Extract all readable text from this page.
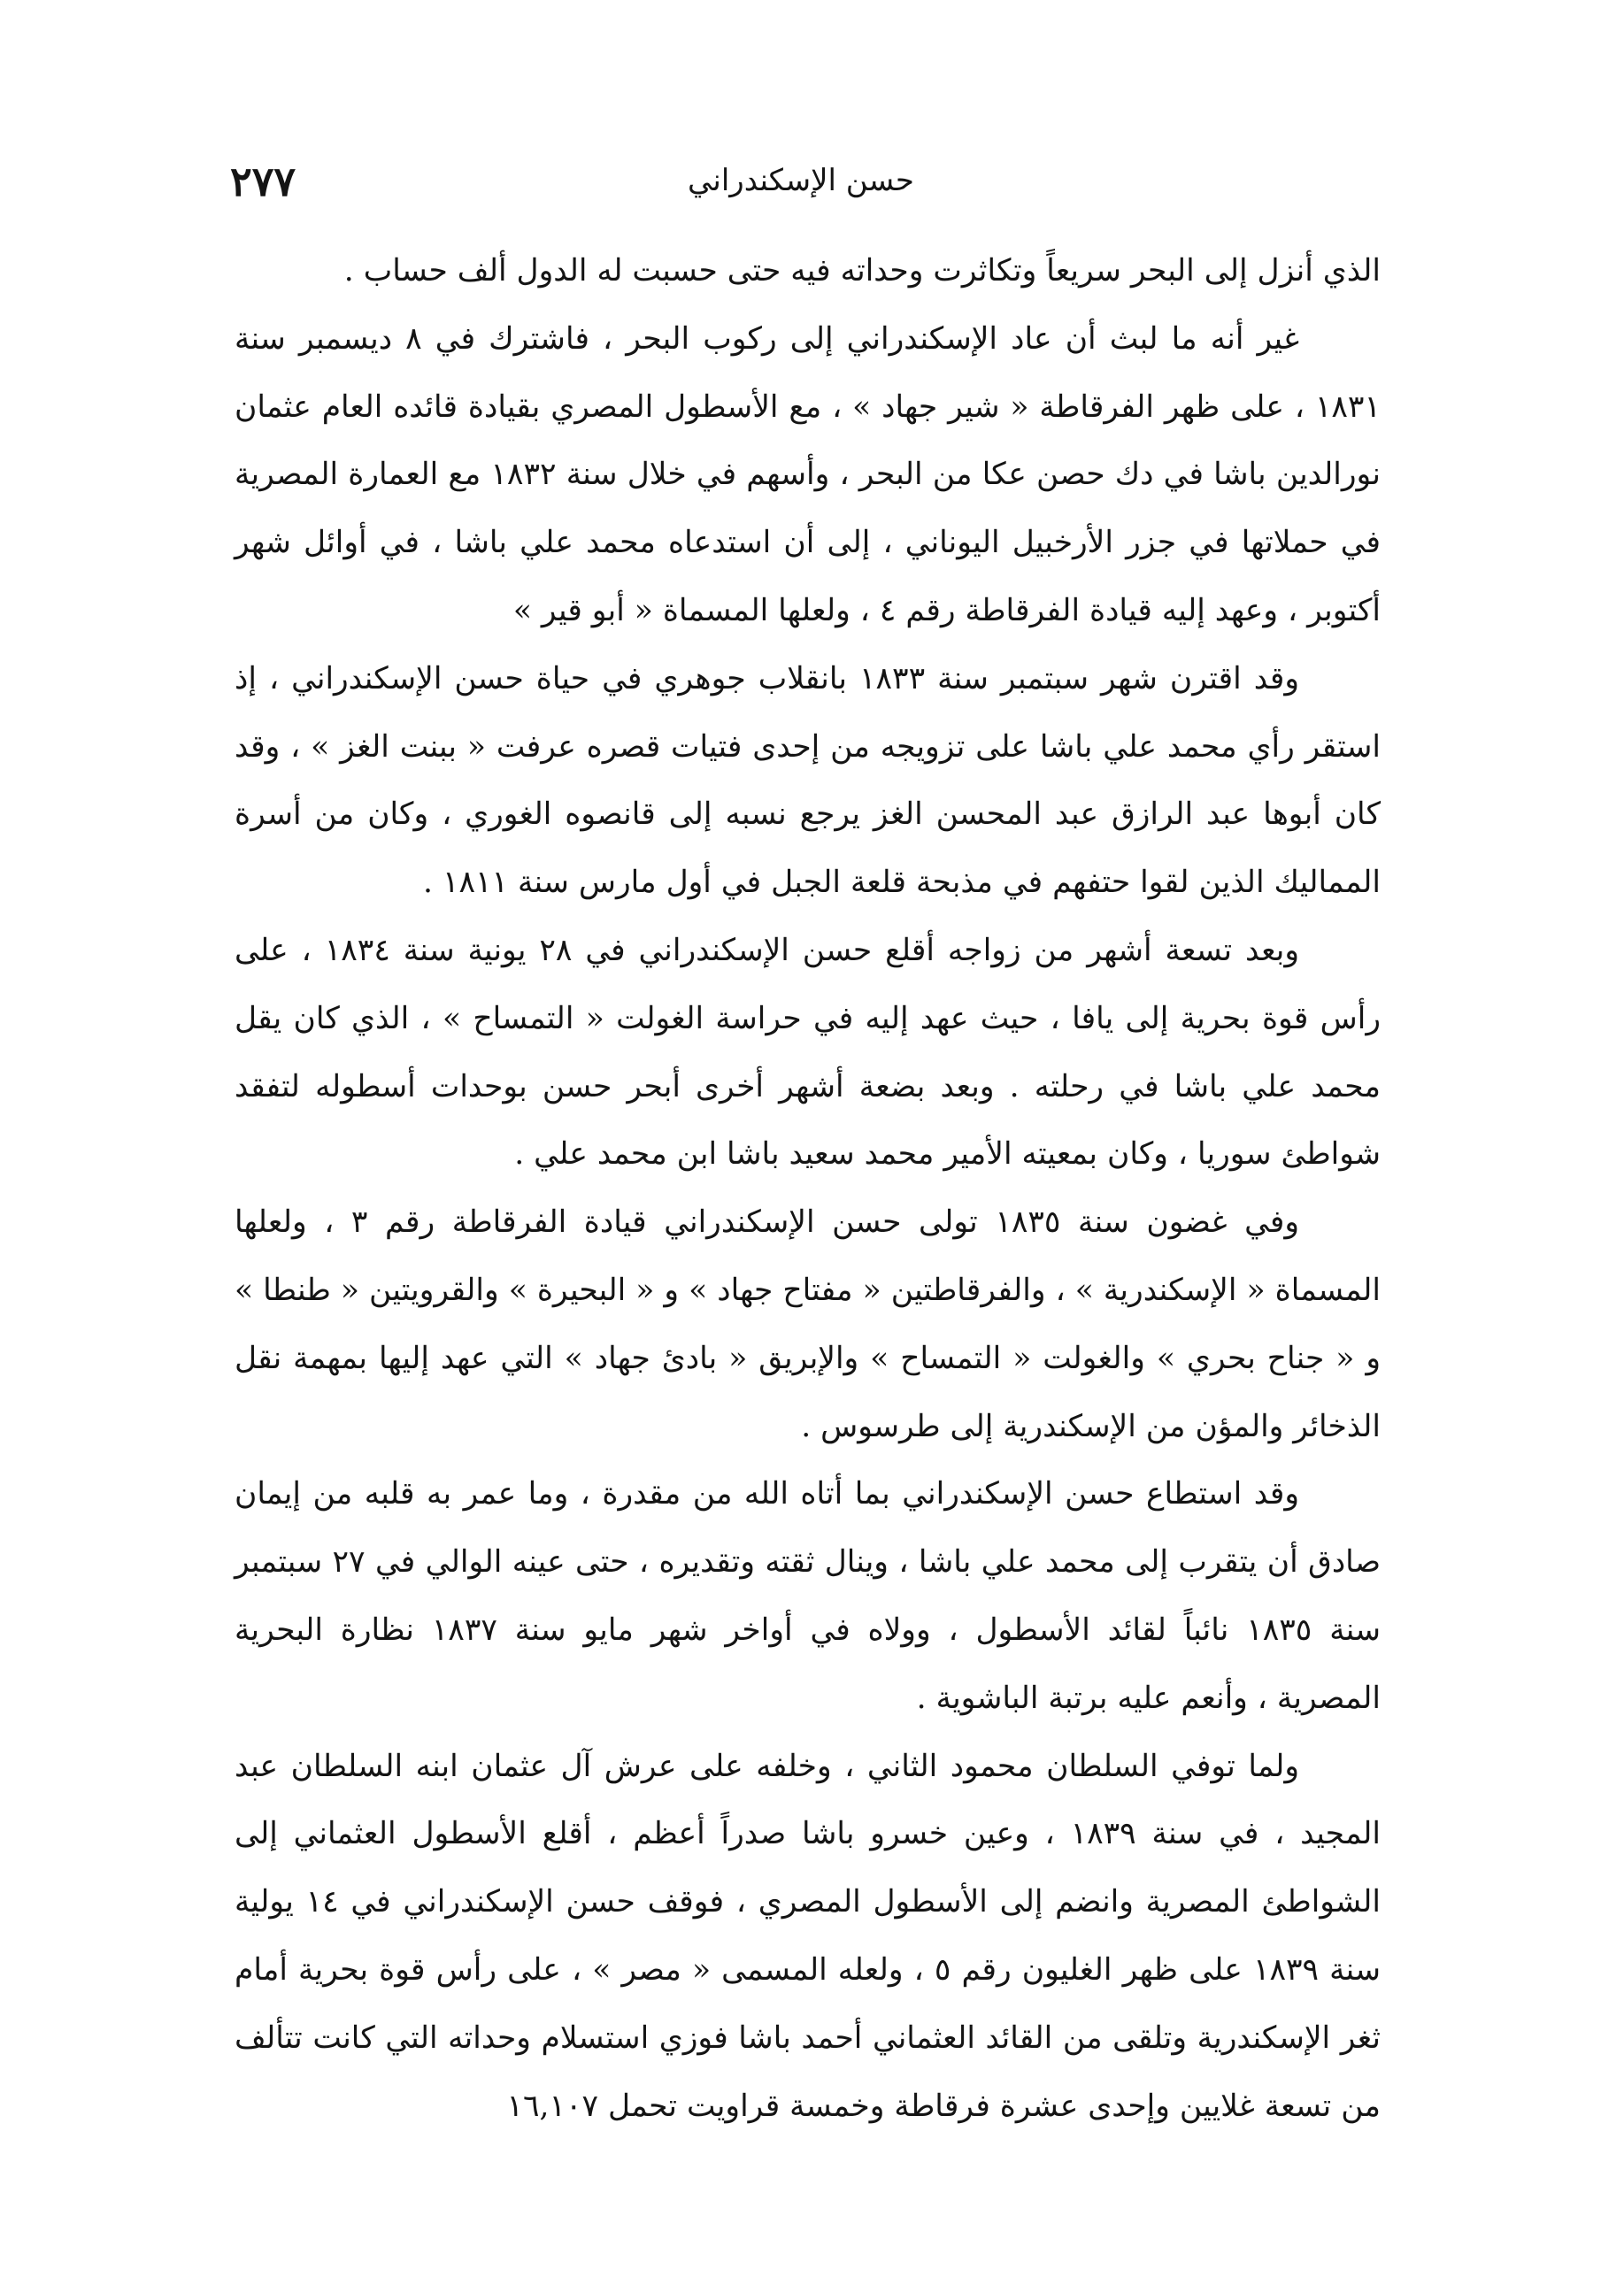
٢٧٧	حسن الإسكندراني

الذي أنزل إلى البحر سريعاً وتكاثرت وحداته فيه حتى حسبت له الدول ألف حساب .

غير أنه ما لبث أن عاد الإسكندراني إلى ركوب البحر ، فاشترك في ٨ ديسمبر سنة ١٨٣١ ، على ظهر الفرقاطة « شير جهاد » ، مع الأسطول المصري بقيادة قائده العام عثمان نورالدين باشا في دك حصن عكا من البحر ، وأسهم في خلال سنة ١٨٣٢ مع العمارة المصرية في حملاتها في جزر الأرخبيل اليوناني ، إلى أن استدعاه محمد علي باشا ، في أوائل شهر أكتوبر ، وعهد إليه قيادة الفرقاطة رقم ٤ ، ولعلها المسماة « أبو قير »

وقد اقترن شهر سبتمبر سنة ١٨٣٣ بانقلاب جوهري في حياة حسن الإسكندراني ، إذ استقر رأي محمد علي باشا على تزويجه من إحدى فتيات قصره عرفت « ببنت الغز » ، وقد كان أبوها عبد الرازق عبد المحسن الغز يرجع نسبه إلى قانصوه الغوري ، وكان من أسرة المماليك الذين لقوا حتفهم في مذبحة قلعة الجبل في أول مارس سنة ١٨١١ .

وبعد تسعة أشهر من زواجه أقلع حسن الإسكندراني في ٢٨ يونية سنة ١٨٣٤ ، على رأس قوة بحرية إلى يافا ، حيث عهد إليه في حراسة الغولت « التمساح » ، الذي كان يقل محمد علي باشا في رحلته . وبعد بضعة أشهر أخرى أبحر حسن بوحدات أسطوله لتفقد شواطئ سوريا ، وكان بمعيته الأمير محمد سعيد باشا ابن محمد علي .

وفي غضون سنة ١٨٣٥ تولى حسن الإسكندراني قيادة الفرقاطة رقم ٣ ، ولعلها المسماة « الإسكندرية » ، والفرقاطتين « مفتاح جهاد » و « البحيرة » والقرويتين « طنطا » و « جناح بحري » والغولت « التمساح » والإبريق « بادئ جهاد » التي عهد إليها بمهمة نقل الذخائر والمؤن من الإسكندرية إلى طرسوس .

وقد استطاع حسن الإسكندراني بما أتاه الله من مقدرة ، وما عمر به قلبه من إيمان صادق أن يتقرب إلى محمد علي باشا ، وينال ثقته وتقديره ، حتى عينه الوالي في ٢٧ سبتمبر سنة ١٨٣٥ نائباً لقائد الأسطول ، وولاه في أواخر شهر مايو سنة ١٨٣٧ نظارة البحرية المصرية ، وأنعم عليه برتبة الباشوية .

ولما توفي السلطان محمود الثاني ، وخلفه على عرش آل عثمان ابنه السلطان عبد المجيد ، في سنة ١٨٣٩ ، وعين خسرو باشا صدراً أعظم ، أقلع الأسطول العثماني إلى الشواطئ المصرية وانضم إلى الأسطول المصري ، فوقف حسن الإسكندراني في ١٤ يولية سنة ١٨٣٩ على ظهر الغليون رقم ٥ ، ولعله المسمى « مصر » ، على رأس قوة بحرية أمام ثغر الإسكندرية وتلقى من القائد العثماني أحمد باشا فوزي استسلام وحداته التي كانت تتألف من تسعة غلايين وإحدى عشرة فرقاطة وخمسة قراويت تحمل ١٦,١٠٧
